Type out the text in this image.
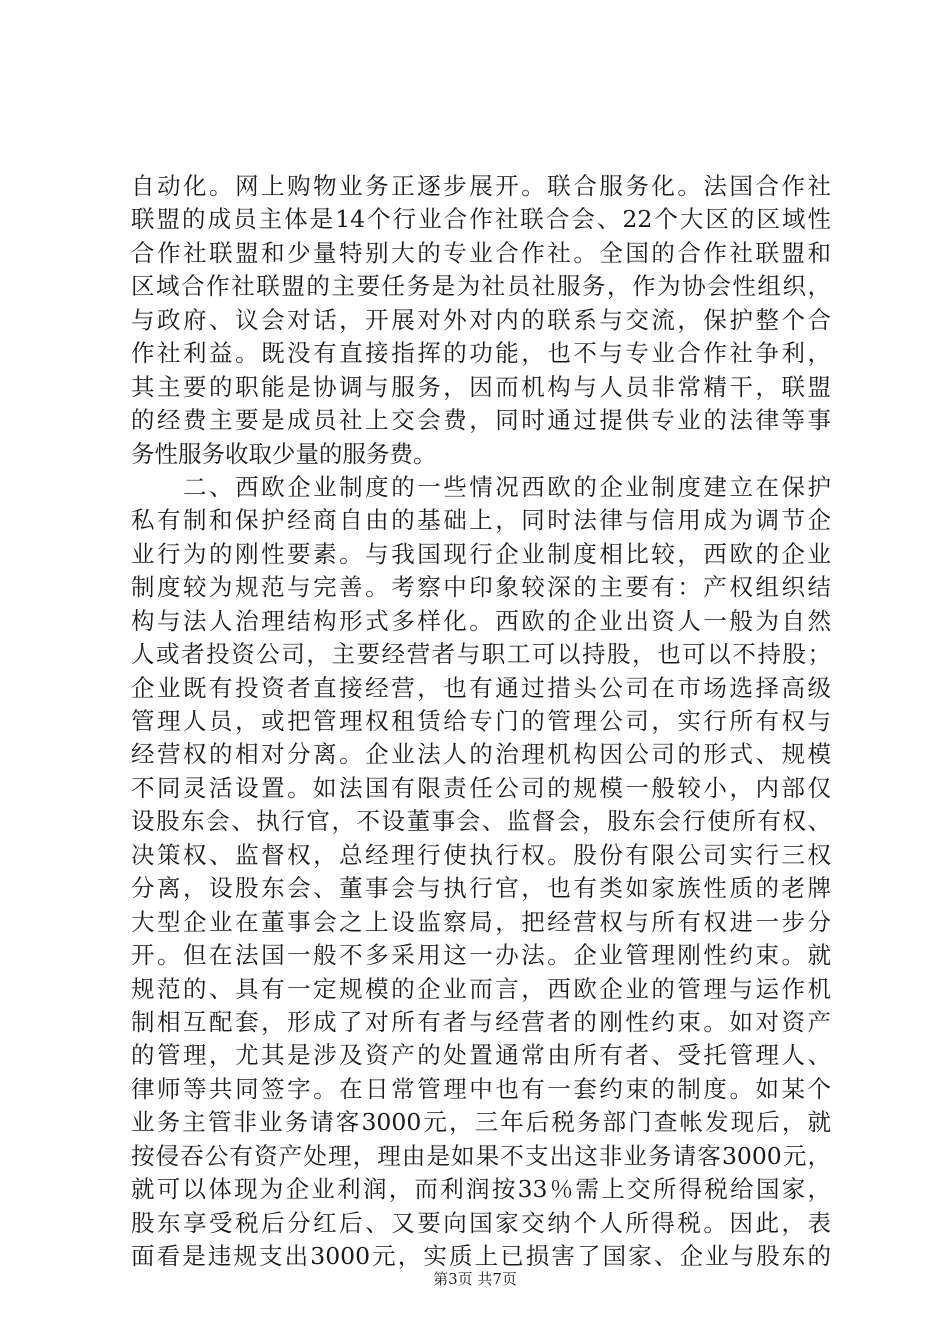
自动化。网上购物业务正逐步展开。联合服务化。法国合作社
联盟的成员主体是14个行业合作社联合会、22个大区的区域性
合作社联盟和少量特别大的专业合作社。全国的合作社联盟和
区域合作社联盟的主要任务是为社员社服务，作为协会性组织，
与政府、议会对话，开展对外对内的联系与交流，保护整个合
作社利益。既没有直接指挥的功能，也不与专业合作社争利，
其主要的职能是协调与服务，因而机构与人员非常精干，联盟
的经费主要是成员社上交会费，同时通过提供专业的法律等事
务性服务收取少量的服务费。
　　二、西欧企业制度的一些情况西欧的企业制度建立在保护
私有制和保护经商自由的基础上，同时法律与信用成为调节企
业行为的刚性要素。与我国现行企业制度相比较，西欧的企业
制度较为规范与完善。考察中印象较深的主要有：产权组织结
构与法人治理结构形式多样化。西欧的企业出资人一般为自然
人或者投资公司，主要经营者与职工可以持股，也可以不持股；
企业既有投资者直接经营，也有通过措头公司在市场选择高级
管理人员，或把管理权租赁给专门的管理公司，实行所有权与
经营权的相对分离。企业法人的治理机构因公司的形式、规模
不同灵活设置。如法国有限责任公司的规模一般较小，内部仅
设股东会、执行官，不设董事会、监督会，股东会行使所有权、
决策权、监督权，总经理行使执行权。股份有限公司实行三权
分离，设股东会、董事会与执行官，也有类如家族性质的老牌
大型企业在董事会之上设监察局，把经营权与所有权进一步分
开。但在法国一般不多采用这一办法。企业管理刚性约束。就
规范的、具有一定规模的企业而言，西欧企业的管理与运作机
制相互配套，形成了对所有者与经营者的刚性约束。如对资产
的管理，尤其是涉及资产的处置通常由所有者、受托管理人、
律师等共同签字。在日常管理中也有一套约束的制度。如某个
业务主管非业务请客3000元，三年后税务部门查帐发现后，就
按侵吞公有资产处理，理由是如果不支出这非业务请客3000元，
就可以体现为企业利润，而利润按33％需上交所得税给国家，
股东享受税后分红后、又要向国家交纳个人所得税。因此，表
面看是违规支出3000元，实质上已损害了国家、企业与股东的
第3页 共7页
